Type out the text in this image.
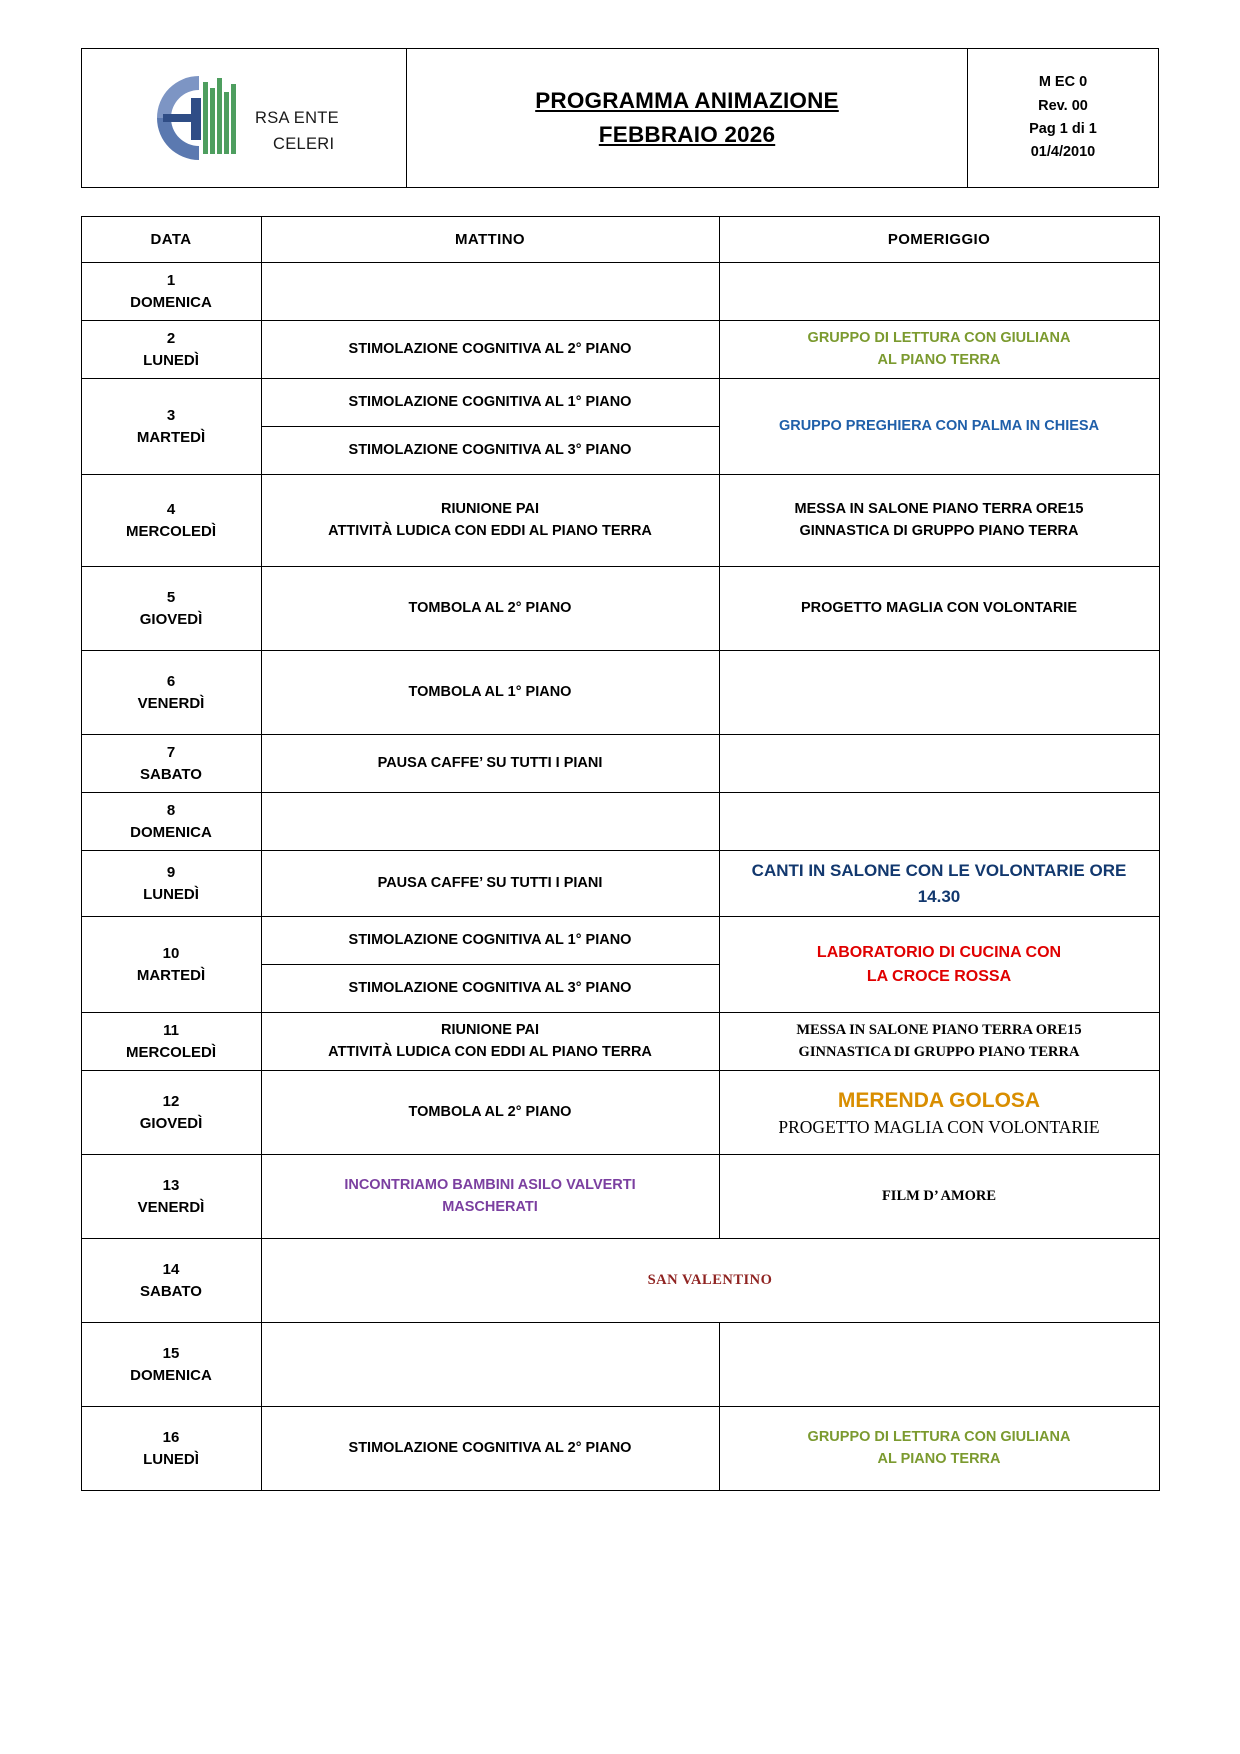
RSA ENTE
CELERI
PROGRAMMA ANIMAZIONE
FEBBRAIO 2026
M EC 0
Rev. 00
Pag 1 di 1
01/4/2010
DATA	MATTINO	POMERIGGIO
1
DOMENICA		

2
LUNEDÌ	STIMOLAZIONE COGNITIVA AL 2° PIANO	GRUPPO DI LETTURA CON GIULIANA
AL PIANO TERRA

3
MARTEDÌ	STIMOLAZIONE COGNITIVA AL 1° PIANO	GRUPPO PREGHIERA CON PALMA IN CHIESA
	STIMOLAZIONE COGNITIVA AL 3° PIANO	
4
MERCOLEDÌ	RIUNIONE PAI
ATTIVITÀ LUDICA CON EDDI AL PIANO TERRA	MESSA IN SALONE PIANO TERRA ORE15
GINNASTICA DI GRUPPO PIANO TERRA

5
GIOVEDÌ	TOMBOLA AL 2° PIANO	PROGETTO MAGLIA CON VOLONTARIE
6
VENERDÌ	TOMBOLA AL 1° PIANO	
7
SABATO	PAUSA CAFFE’ SU TUTTI I PIANI	
8
DOMENICA		

9
LUNEDÌ	PAUSA CAFFE’ SU TUTTI I PIANI	CANTI IN SALONE CON LE VOLONTARIE ORE
14.30

10
MARTEDÌ	STIMOLAZIONE COGNITIVA AL 1° PIANO	LABORATORIO DI CUCINA CON
LA CROCE ROSSA

	STIMOLAZIONE COGNITIVA AL 3° PIANO	
11
MERCOLEDÌ	RIUNIONE PAI
ATTIVITÀ LUDICA CON EDDI AL PIANO TERRA	MESSA IN SALONE PIANO TERRA ORE15
GINNASTICA DI GRUPPO PIANO TERRA

12
GIOVEDÌ	TOMBOLA AL 2° PIANO	MERENDA GOLOSA
PROGETTO MAGLIA CON VOLONTARIE

13
VENERDÌ	INCONTRIAMO BAMBINI ASILO VALVERTI
MASCHERATI	FILM D’ AMORE
14
SABATO	SAN VALENTINO	
15
DOMENICA		

16
LUNEDÌ	STIMOLAZIONE COGNITIVA AL 2° PIANO	GRUPPO DI LETTURA CON GIULIANA
AL PIANO TERRA
